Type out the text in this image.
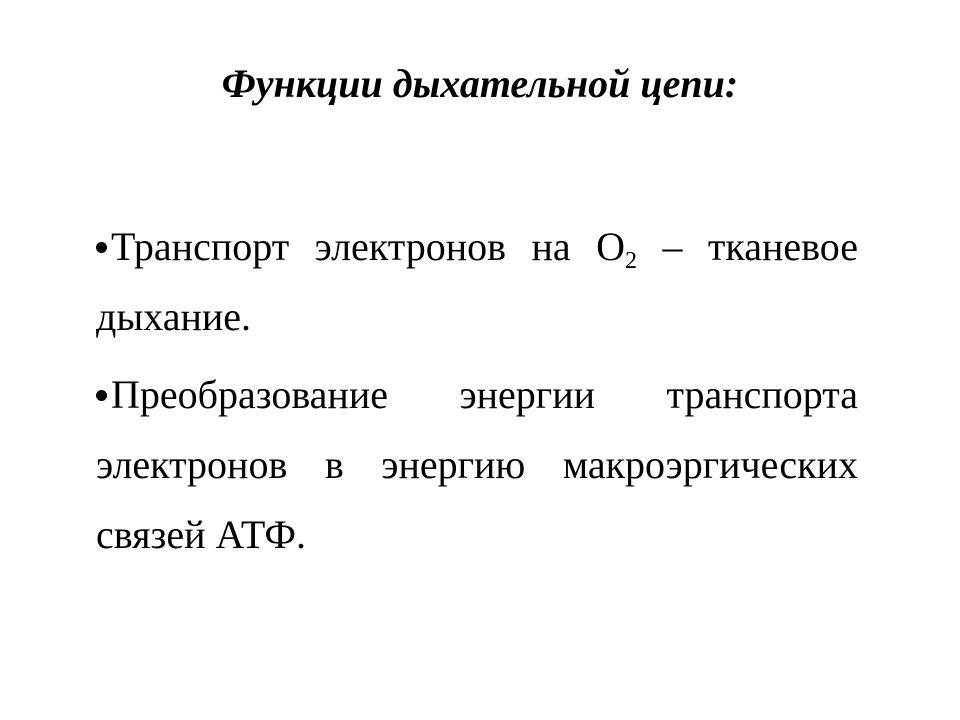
Функции дыхательной цепи:
Транспорт электронов на $O_2$ – тканевое дыхание.
Преобразование энергии транспорта электронов в энергию макроэргических связей АТФ.
